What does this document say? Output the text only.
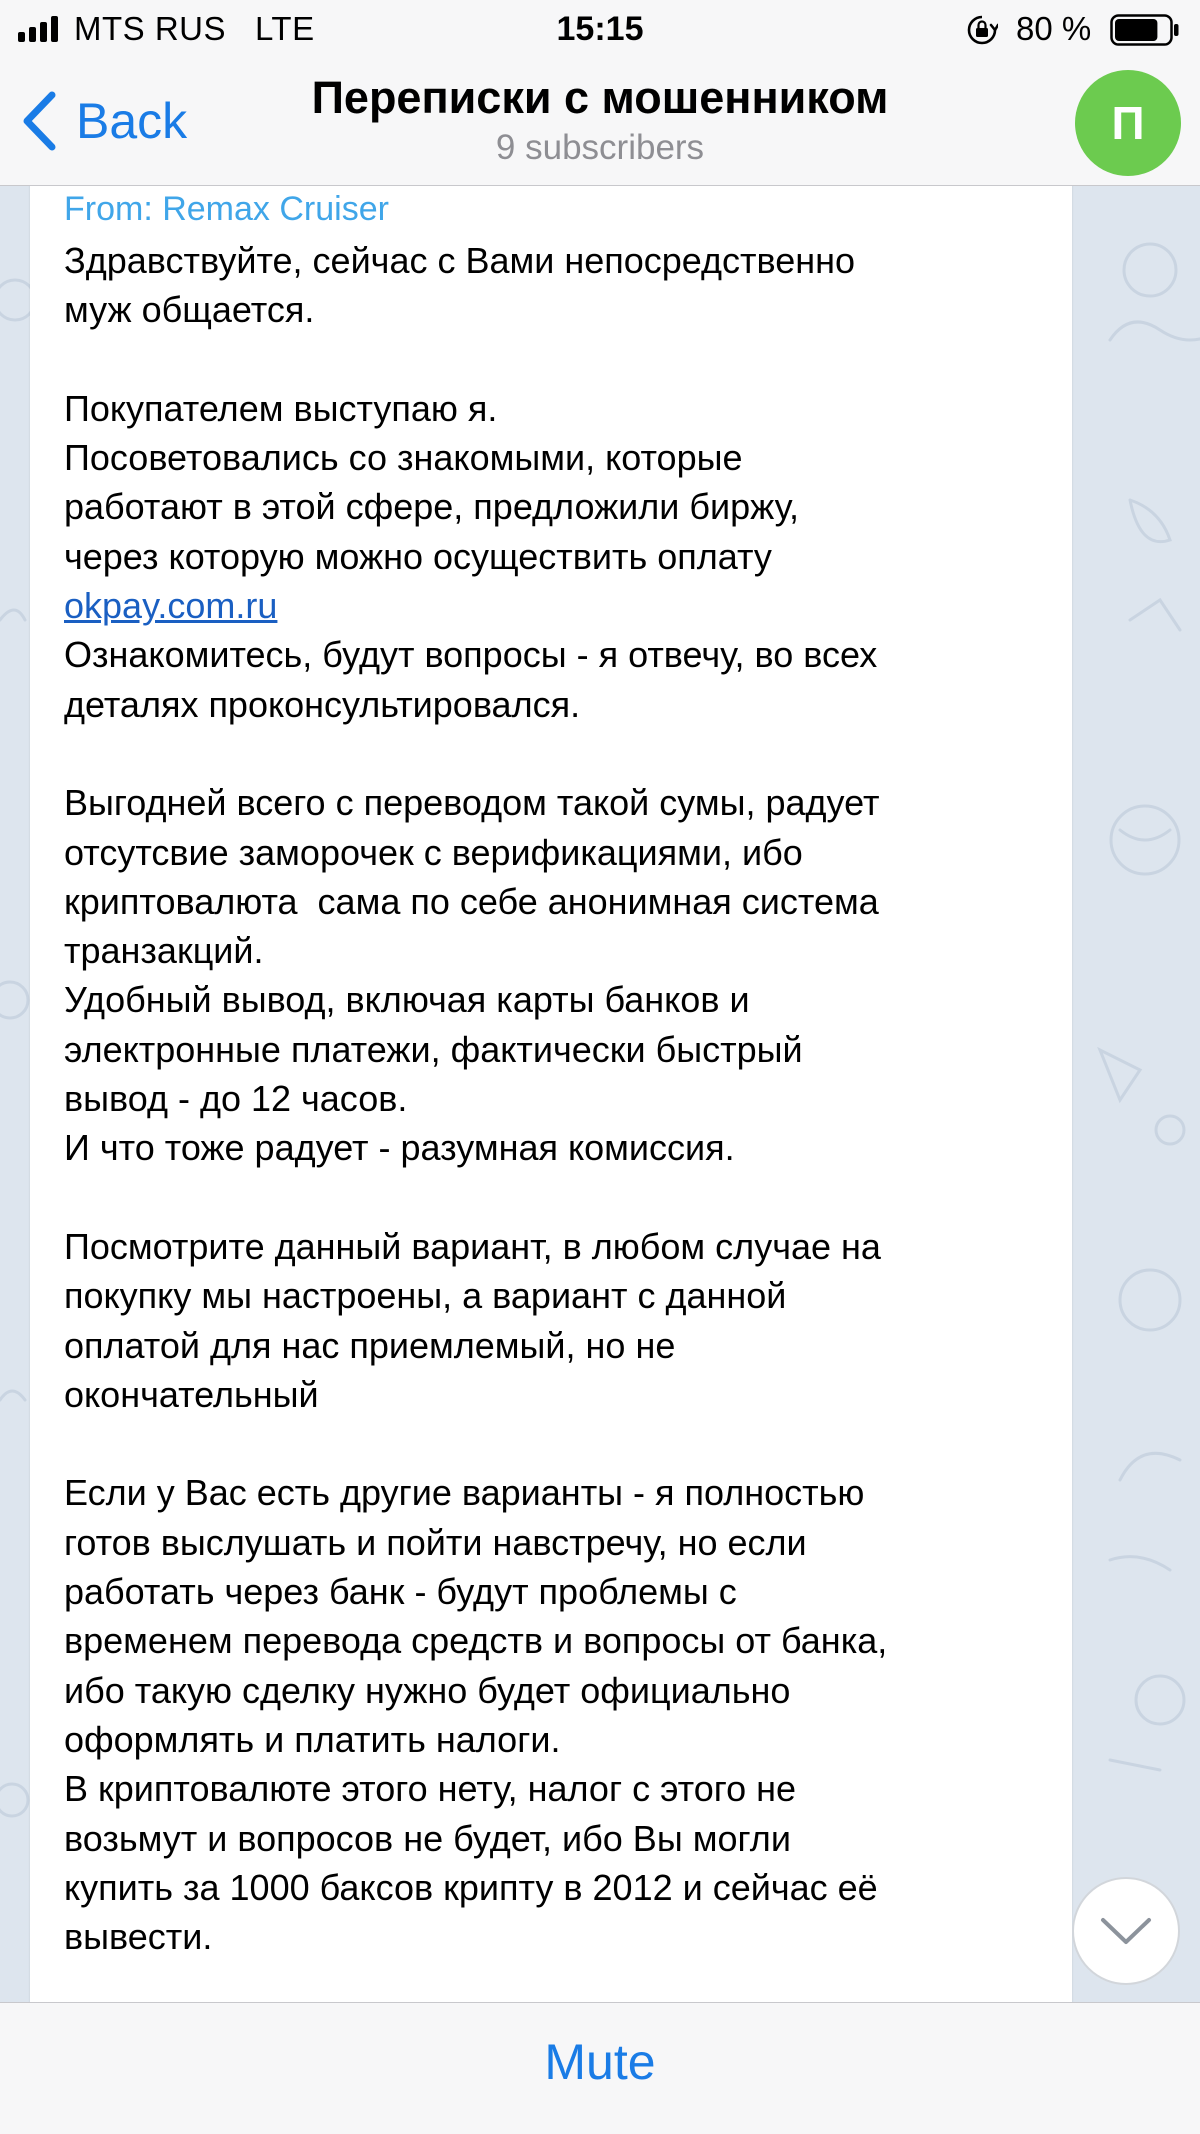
MTS RUS LTE	15:15	80 %
Back	Переписки с мошенником
9 subscribers	П
From: Remax Cruiser

Здравствуйте, сейчас с Вами непосредственно
муж общается.

Покупателем выступаю я.
Посоветовались со знакомыми, которые
работают в этой сфере, предложили биржу,
через которую можно осуществить оплату
okpay.com.ru
Ознакомитесь, будут вопросы - я отвечу, во всех
деталях проконсультировался.

Выгодней всего с переводом такой сумы, радует
отсутсвие заморочек с верификациями, ибо
криптовалюта  сама по себе анонимная система
транзакций.
Удобный вывод, включая карты банков и
электронные платежи, фактически быстрый
вывод - до 12 часов.
И что тоже радует - разумная комиссия.

Посмотрите данный вариант, в любом случае на
покупку мы настроены, а вариант с данной
оплатой для нас приемлемый, но не
окончательный

Если у Вас есть другие варианты - я полностью
готов выслушать и пойти навстречу, но если
работать через банк - будут проблемы с
временем перевода средств и вопросы от банка,
ибо такую сделку нужно будет официально
оформлять и платить налоги.
В криптовалюте этого нету, налог с этого не
возьмут и вопросов не будет, ибо Вы могли
купить за 1000 баксов крипту в 2012 и сейчас её
вывести.

Mute
